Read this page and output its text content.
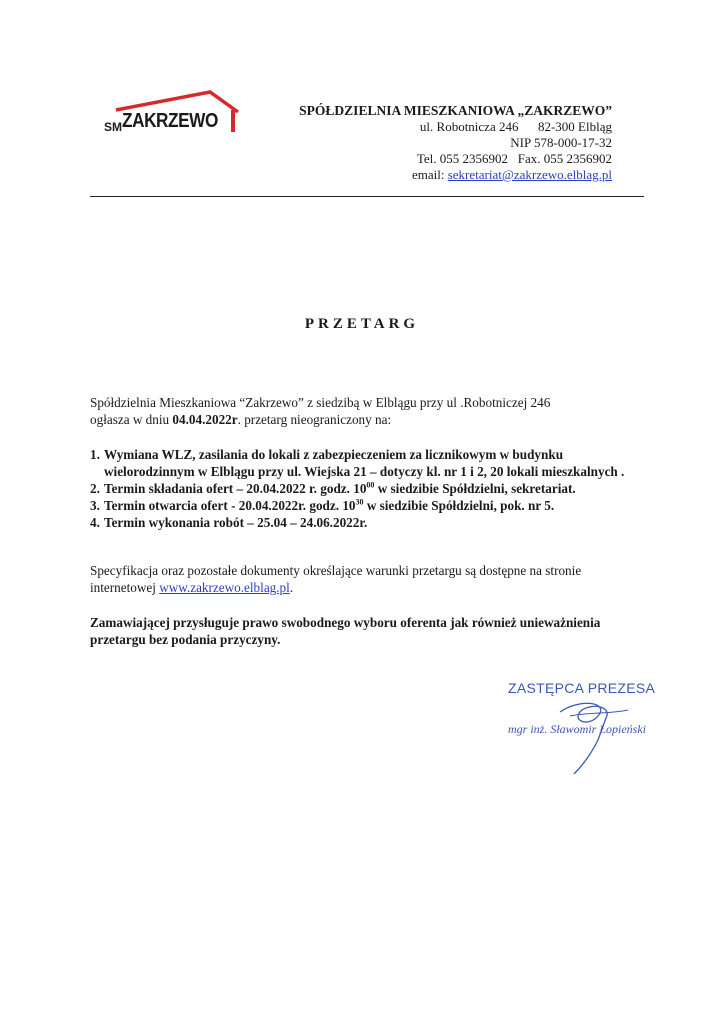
SM ZAKRZEWO	SPÓŁDZIELNIA MIESZKANIOWA „ZAKRZEWO”
ul. Robotnicza 246      82-300 Elbląg
NIP 578-000-17-32
Tel. 055 2356902   Fax. 055 2356902
email: sekretariat@zakrzewo.elblag.pl
PRZETARG
Spółdzielnia Mieszkaniowa “Zakrzewo” z siedzibą w Elblągu przy ul .Robotniczej 246
ogłasza w dniu 04.04.2022r. przetarg nieograniczony na:
1. Wymiana WLZ, zasilania do lokali z zabezpieczeniem za licznikowym w budynku wielorodzinnym w Elblągu przy ul. Wiejska 21 – dotyczy kl. nr 1 i 2, 20 lokali mieszkalnych .
2. Termin składania ofert – 20.04.2022 r. godz. $10^{00}$ w siedzibie Spółdzielni, sekretariat.
3. Termin otwarcia ofert - 20.04.2022r. godz. $10^{30}$ w siedzibie Spółdzielni, pok. nr 5.
4. Termin wykonania robót – 25.04 – 24.06.2022r.
Specyfikacja oraz pozostałe dokumenty określające warunki przetargu są dostępne na stronie internetowej www.zakrzewo.elblag.pl.
Zamawiającej przysługuje prawo swobodnego wyboru oferenta jak również unieważnienia przetargu bez podania przyczyny.
ZASTĘPCA PREZESA
mgr inż. Sławomir Łopieński
